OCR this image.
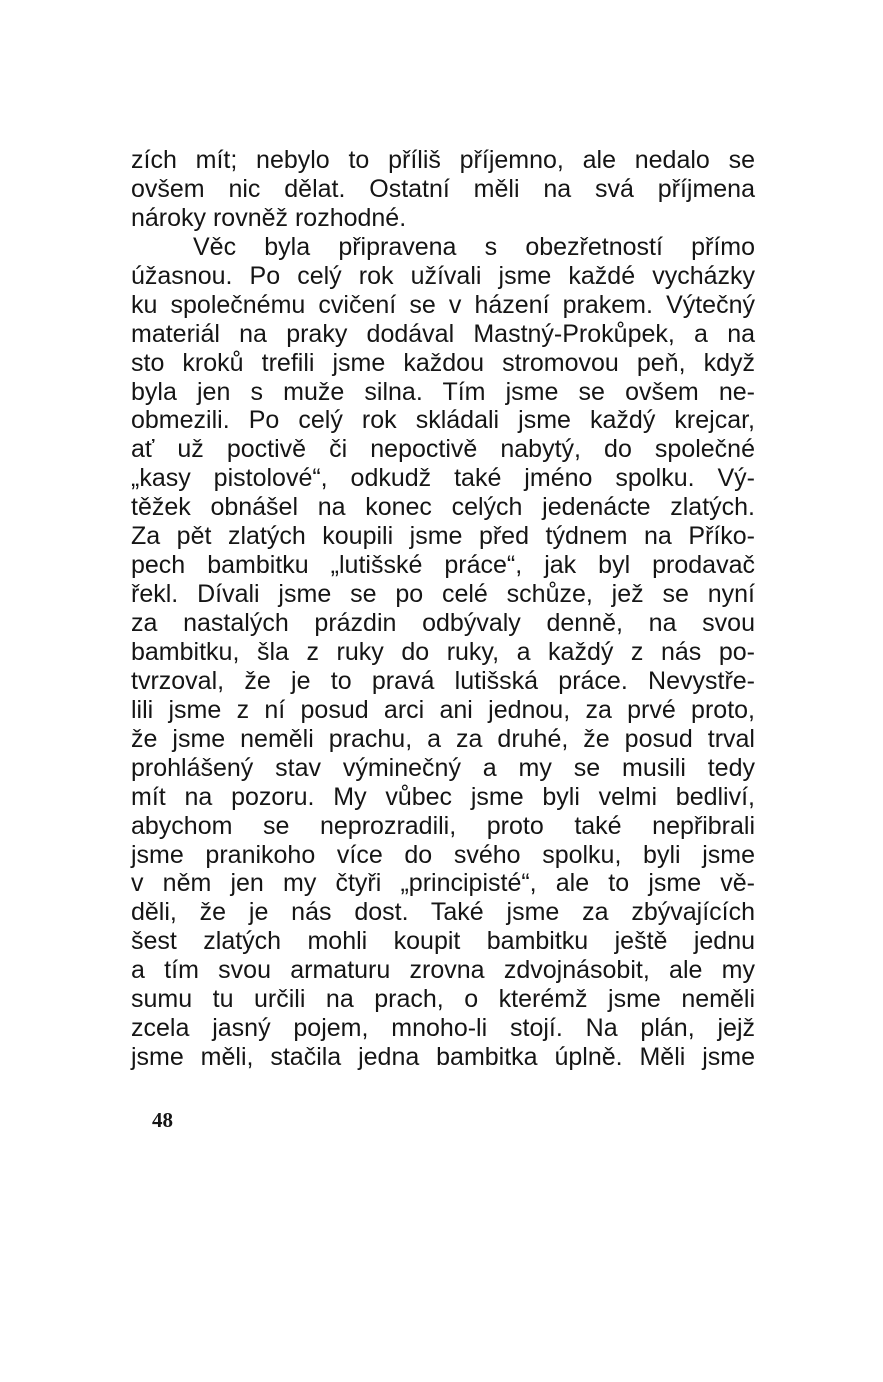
zích mít; nebylo to příliš příjemno, ale nedalo se
ovšem nic dělat. Ostatní měli na svá příjmena
nároky rovněž rozhodné.
Věc byla připravena s obezřetností přímo
úžasnou. Po celý rok užívali jsme každé vycházky
ku společnému cvičení se v házení prakem. Výtečný
materiál na praky dodával Mastný-Prokůpek, a na
sto kroků trefili jsme každou stromovou peň, když
byla jen s muže silna. Tím jsme se ovšem ne-
obmezili. Po celý rok skládali jsme každý krejcar,
ať už poctivě či nepoctivě nabytý, do společné
„kasy pistolové“, odkudž také jméno spolku. Vý-
těžek obnášel na konec celých jedenácte zlatých.
Za pět zlatých koupili jsme před týdnem na Příko-
pech bambitku „lutišské práce“, jak byl prodavač
řekl. Dívali jsme se po celé schůze, jež se nyní
za nastalých prázdin odbývaly denně, na svou
bambitku, šla z ruky do ruky, a každý z nás po-
tvrzoval, že je to pravá lutišská práce. Nevystře-
lili jsme z ní posud arci ani jednou, za prvé proto,
že jsme neměli prachu, a za druhé, že posud trval
prohlášený stav výminečný a my se musili tedy
mít na pozoru. My vůbec jsme byli velmi bedliví,
abychom se neprozradili, proto také nepřibrali
jsme pranikoho více do svého spolku, byli jsme
v něm jen my čtyři „principisté“, ale to jsme vě-
děli, že je nás dost. Také jsme za zbývajících
šest zlatých mohli koupit bambitku ještě jednu
a tím svou armaturu zrovna zdvojnásobit, ale my
sumu tu určili na prach, o kterémž jsme neměli
zcela jasný pojem, mnoho-li stojí. Na plán, jejž
jsme měli, stačila jedna bambitka úplně. Měli jsme
48
